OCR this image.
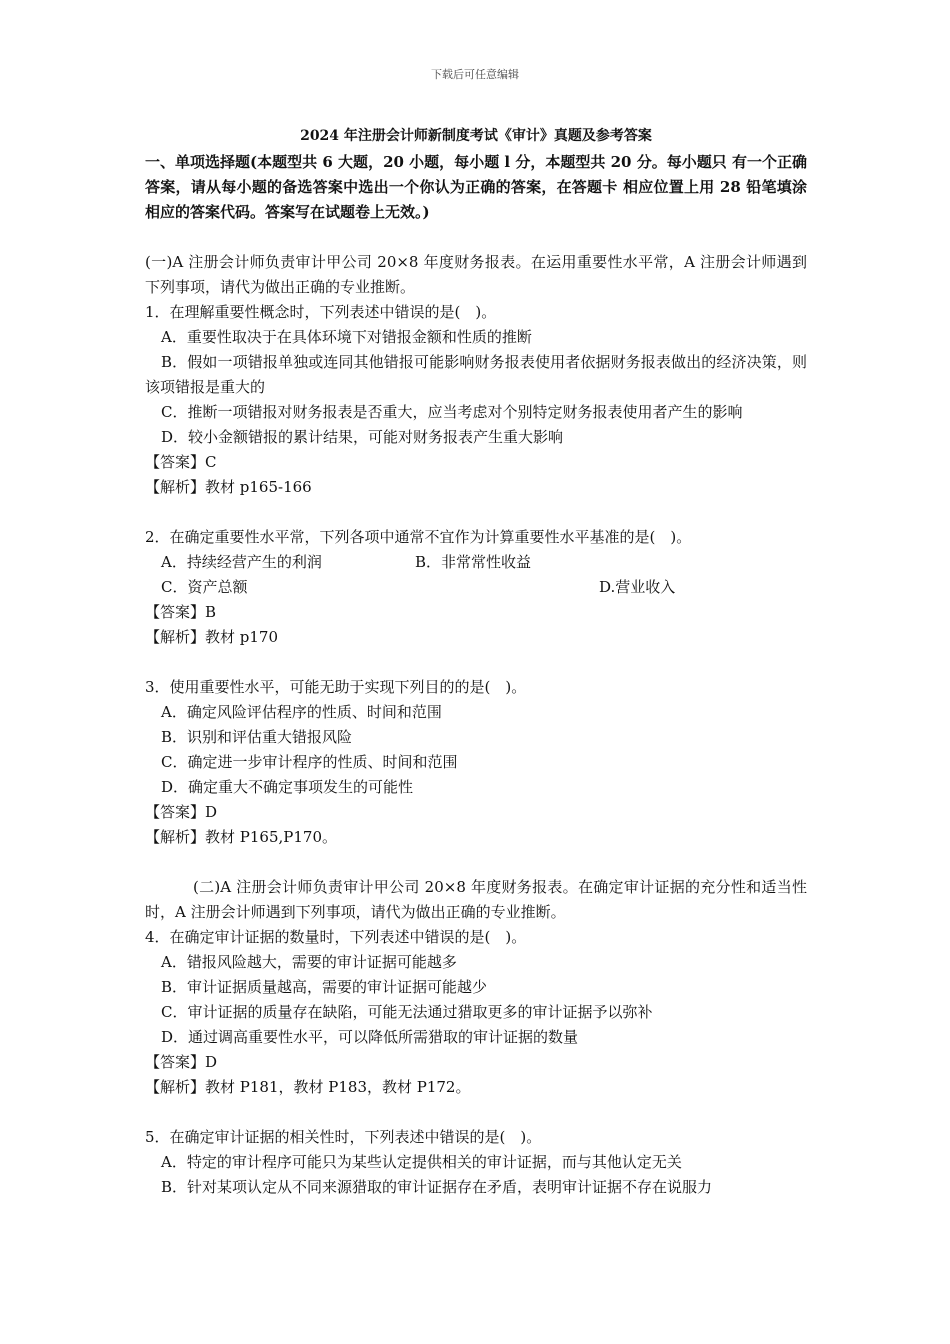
下载后可任意编辑
2024 年注册会计师新制度考试《审计》真题及参考答案
一、单项选择题(本题型共 6 大题，20 小题，每小题 l 分，本题型共 20 分。每小题只 有一个正确答案，请从每小题的备选答案中选出一个你认为正确的答案，在答题卡 相应位置上用 28 铅笔填涂相应的答案代码。答案写在试题卷上无效。)
(一)A 注册会计师负责审计甲公司 20×8 年度财务报表。在运用重要性水平常，A 注册会计师遇到下列事项，请代为做出正确的专业推断。
1．在理解重要性概念时，下列表述中错误的是(　)。
A．重要性取决于在具体环境下对错报金额和性质的推断
B．假如一项错报单独或连同其他错报可能影响财务报表使用者依据财务报表做出的经济决策，则该项错报是重大的
C．推断一项错报对财务报表是否重大，应当考虑对个别特定财务报表使用者产生的影响
D．较小金额错报的累计结果，可能对财务报表产生重大影响
【答案】C
【解析】教材 p165-166
2．在确定重要性水平常，下列各项中通常不宜作为计算重要性水平基准的是(　)。
A．持续经营产生的利润	B．非常常性收益
C．资产总额	D.营业收入
【答案】B
【解析】教材 p170
3．使用重要性水平，可能无助于实现下列目的的是(　)。
A．确定风险评估程序的性质、时间和范围
B．识别和评估重大错报风险
C．确定进一步审计程序的性质、时间和范围
D．确定重大不确定事项发生的可能性
【答案】D
【解析】教材 P165,P170。
(二)A 注册会计师负责审计甲公司 20×8 年度财务报表。在确定审计证据的充分性和适当性时，A 注册会计师遇到下列事项，请代为做出正确的专业推断。
4．在确定审计证据的数量时，下列表述中错误的是(　)。
A．错报风险越大，需要的审计证据可能越多
B．审计证据质量越高，需要的审计证据可能越少
C．审计证据的质量存在缺陷，可能无法通过猎取更多的审计证据予以弥补
D．通过调高重要性水平，可以降低所需猎取的审计证据的数量
【答案】D
【解析】教材 P181，教材 P183，教材 P172。
5．在确定审计证据的相关性时，下列表述中错误的是(　)。
A．特定的审计程序可能只为某些认定提供相关的审计证据，而与其他认定无关
B．针对某项认定从不同来源猎取的审计证据存在矛盾，表明审计证据不存在说服力
